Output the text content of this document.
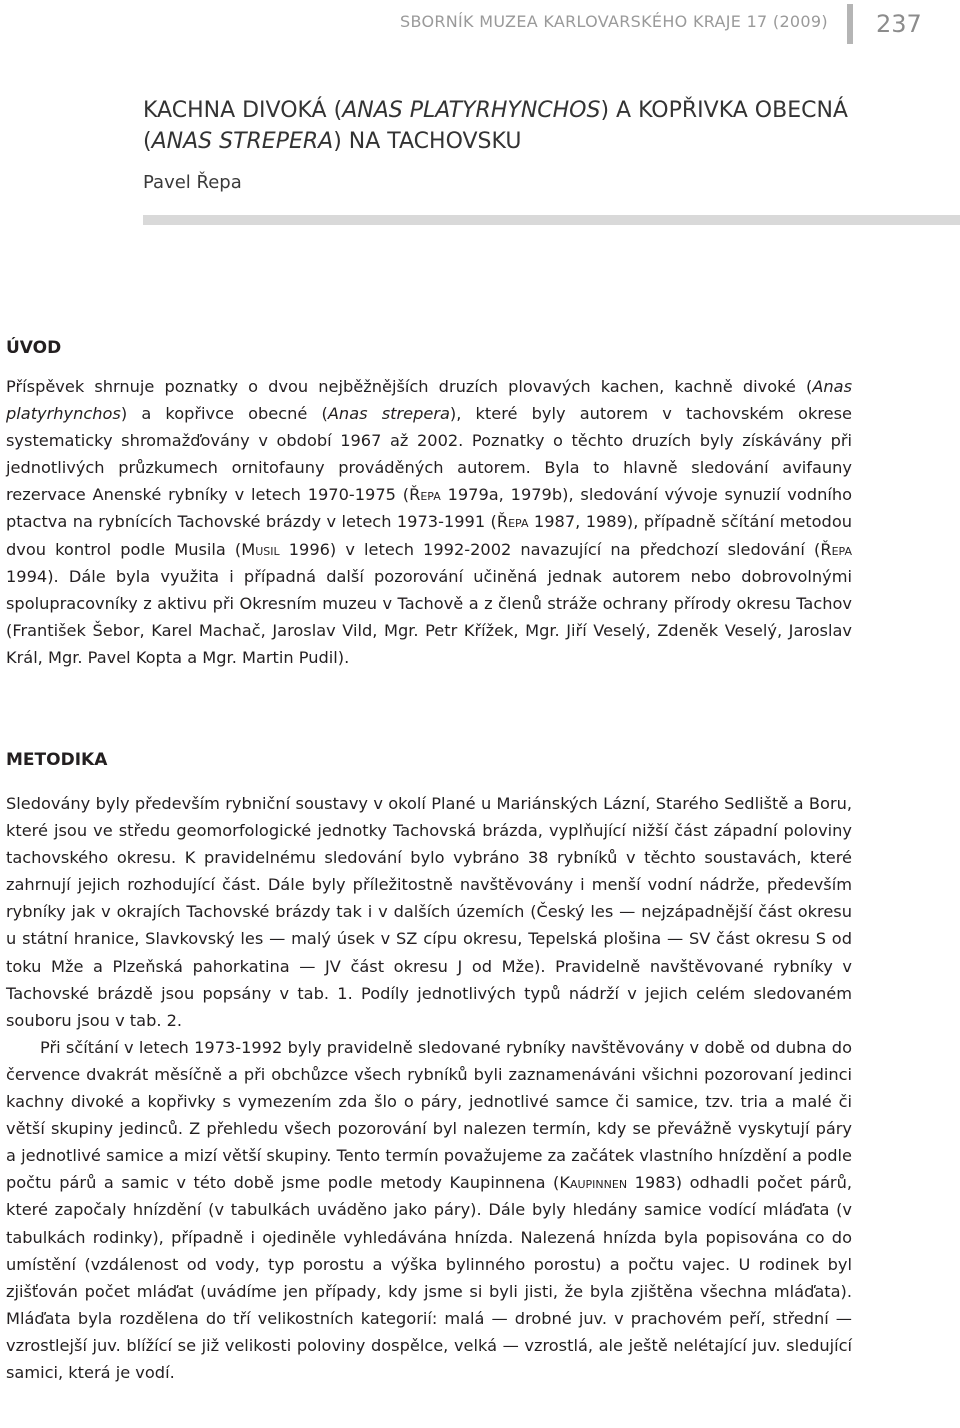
SBORNÍK MUZEA KARLOVARSKÉHO KRAJE 17 (2009) 237
KACHNA DIVOKÁ (ANAS PLATYRHYNCHOS) A KOPŘIVKA OBECNÁ (ANAS STREPERA) NA TACHOVSKU
Pavel Řepa
ÚVOD

Příspěvek shrnuje poznatky o dvou nejběžnějších druzích plovavých kachen, kachně divoké (Anas platyrhynchos) a kopřivce obecné (Anas strepera), které byly autorem v tachovském okrese systematicky shromažďovány v období 1967 až 2002. Poznatky o těchto druzích byly získávány při jednotlivých průzkumech ornitofauny prováděných autorem. Byla to hlavně sledování avifauny rezervace Anenské rybníky v letech 1970-1975 (Řepa 1979a, 1979b), sledování vývoje synuzií vodního ptactva na rybnících Tachovské brázdy v letech 1973-1991 (Řepa 1987, 1989), případně sčítání metodou dvou kontrol podle Musila (Musil 1996) v letech 1992-2002 navazující na předchozí sledování (Řepa 1994). Dále byla využita i případná další pozorování učiněná jednak autorem nebo dobrovolnými spolupracovníky z aktivu při Okresním muzeu v Tachově a z členů stráže ochrany přírody okresu Tachov (František Šebor, Karel Machač, Jaroslav Vild, Mgr. Petr Křížek, Mgr. Jiří Veselý, Zdeněk Veselý, Jaroslav Král, Mgr. Pavel Kopta a Mgr. Martin Pudil).

METODIKA

Sledovány byly především rybniční soustavy v okolí Plané u Mariánských Lázní, Starého Sedliště a Boru, které jsou ve středu geomorfologické jednotky Tachovská brázda, vyplňující nižší část západní poloviny tachovského okresu. K pravidelnému sledování bylo vybráno 38 rybníků v těchto soustavách, které zahrnují jejich rozhodující část. Dále byly příležitostně navštěvovány i menší vodní nádrže, především rybníky jak v okrajích Tachovské brázdy tak i v dalších územích (Český les — nejzápadnější část okresu u státní hranice, Slavkovský les — malý úsek v SZ cípu okresu, Tepelská plošina — SV část okresu S od toku Mže a Plzeňská pahorkatina — JV část okresu J od Mže). Pravidelně navštěvované rybníky v Tachovské brázdě jsou popsány v tab. 1. Podíly jednotlivých typů nádrží v jejich celém sledovaném souboru jsou v tab. 2.

Při sčítání v letech 1973-1992 byly pravidelně sledované rybníky navštěvovány v době od dubna do července dvakrát měsíčně a při obchůzce všech rybníků byli zaznamenáváni všichni pozorovaní jedinci kachny divoké a kopřivky s vymezením zda šlo o páry, jednotlivé samce či samice, tzv. tria a malé či větší skupiny jedinců. Z přehledu všech pozorování byl nalezen termín, kdy se převážně vyskytují páry a jednotlivé samice a mizí větší skupiny. Tento termín považujeme za začátek vlastního hnízdění a podle počtu párů a samic v této době jsme podle metody Kaupinnena (Kaupinnen 1983) odhadli počet párů, které započaly hnízdění (v tabulkách uváděno jako páry). Dále byly hledány samice vodící mláďata (v tabulkách rodinky), případně i ojediněle vyhledávána hnízda. Nalezená hnízda byla popisována co do umístění (vzdálenost od vody, typ porostu a výška bylinného porostu) a počtu vajec. U rodinek byl zjišťován počet mláďat (uvádíme jen případy, kdy jsme si byli jisti, že byla zjištěna všechna mláďata). Mláďata byla rozdělena do tří velikostních kategorií: malá — drobné juv. v prachovém peří, střední — vzrostlejší juv. blížící se již velikosti poloviny dospělce, velká — vzrostlá, ale ještě nelétající juv. sledující samici, která je vodí.
